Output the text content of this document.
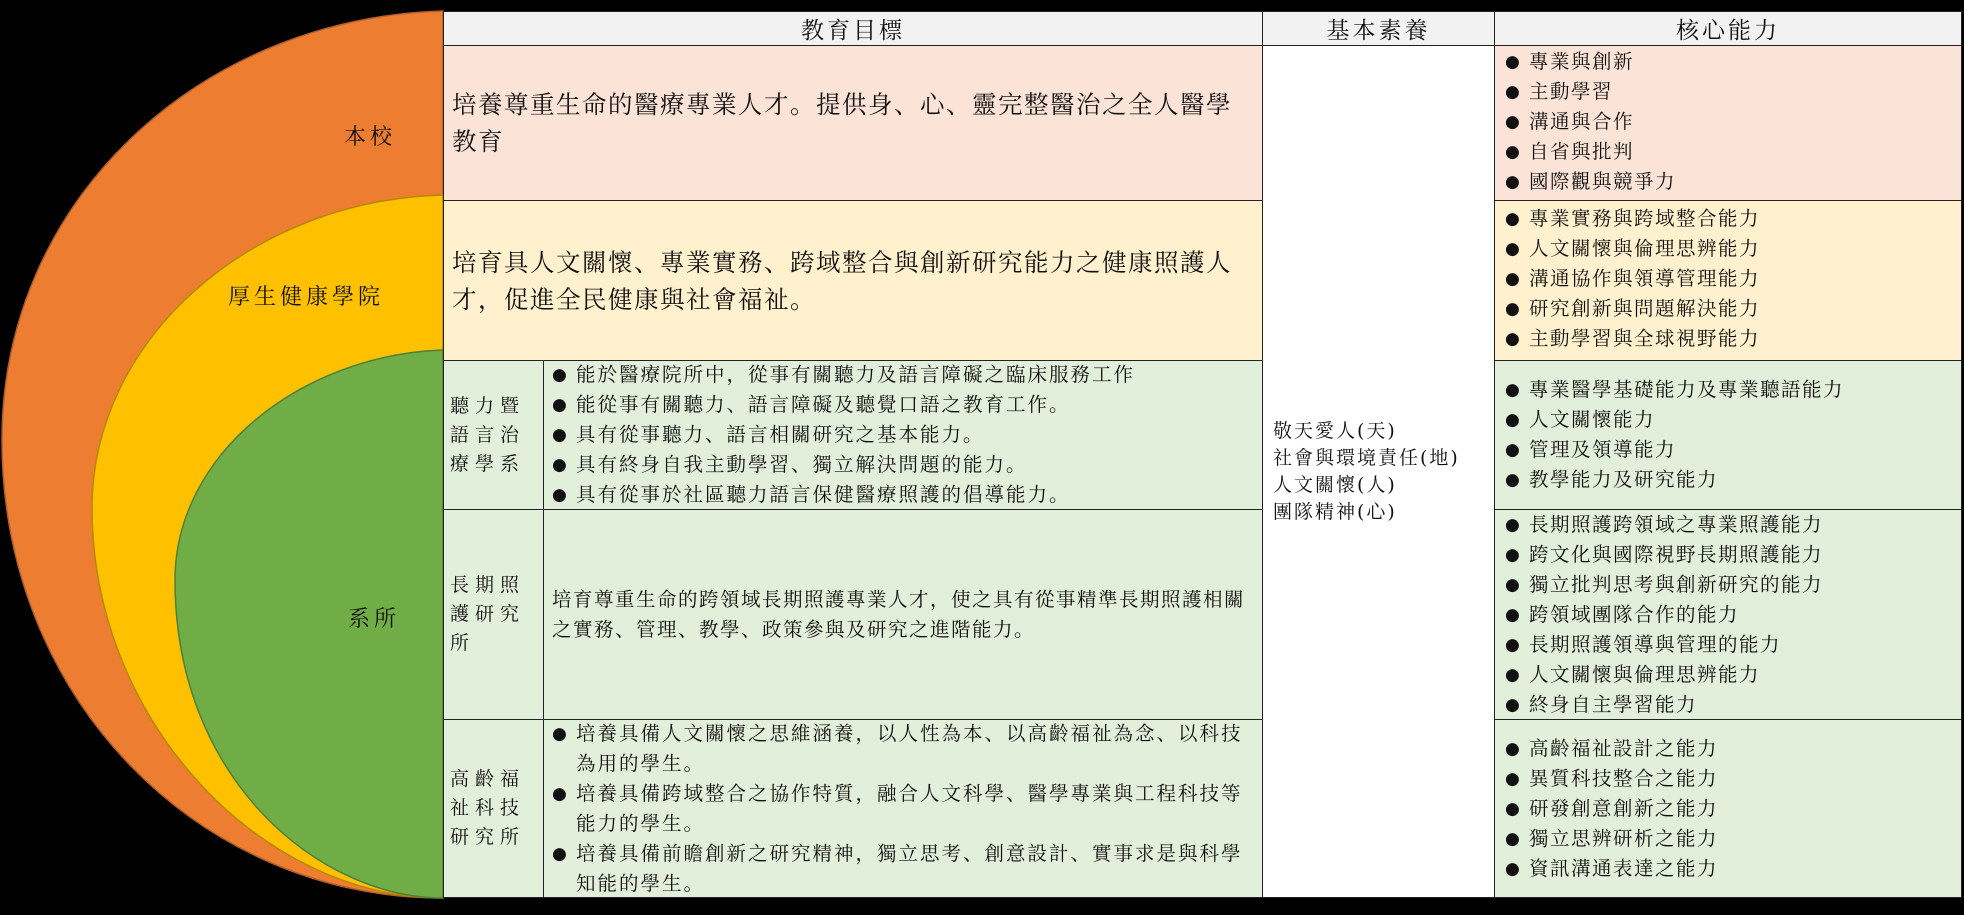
本校
厚生健康學院
系所
教育目標	基本素養	核心能力
培養尊重生命的醫療專業人才。提供身、心、靈完整醫治之全人醫學教育
● 專業與創新
● 主動學習
● 溝通與合作
● 自省與批判
● 國際觀與競爭力
培育具人文關懷、專業實務、跨域整合與創新研究能力之健康照護人才，促進全民健康與社會福祉。
● 專業實務與跨域整合能力
● 人文關懷與倫理思辨能力
● 溝通協作與領導管理能力
● 研究創新與問題解決能力
● 主動學習與全球視野能力
敬天愛人(天)
社會與環境責任(地)
人文關懷(人)
團隊精神(心)
聽力暨語言治療學系
● 能於醫療院所中，從事有關聽力及語言障礙之臨床服務工作
● 能從事有關聽力、語言障礙及聽覺口語之教育工作。
● 具有從事聽力、語言相關研究之基本能力。
● 具有終身自我主動學習、獨立解決問題的能力。
● 具有從事於社區聽力語言保健醫療照護的倡導能力。
● 專業醫學基礎能力及專業聽語能力
● 人文關懷能力
● 管理及領導能力
● 教學能力及研究能力
長期照護研究所
培育尊重生命的跨領域長期照護專業人才，使之具有從事精準長期照護相關之實務、管理、教學、政策參與及研究之進階能力。
● 長期照護跨領域之專業照護能力
● 跨文化與國際視野長期照護能力
● 獨立批判思考與創新研究的能力
● 跨領域團隊合作的能力
● 長期照護領導與管理的能力
● 人文關懷與倫理思辨能力
● 終身自主學習能力
高齡福祉科技研究所
● 培養具備人文關懷之思維涵養，以人性為本、以高齡福祉為念、以科技為用的學生。
● 培養具備跨域整合之協作特質，融合人文科學、醫學專業與工程科技等能力的學生。
● 培養具備前瞻創新之研究精神，獨立思考、創意設計、實事求是與科學知能的學生。
● 高齡福祉設計之能力
● 異質科技整合之能力
● 研發創意創新之能力
● 獨立思辨研析之能力
● 資訊溝通表達之能力
